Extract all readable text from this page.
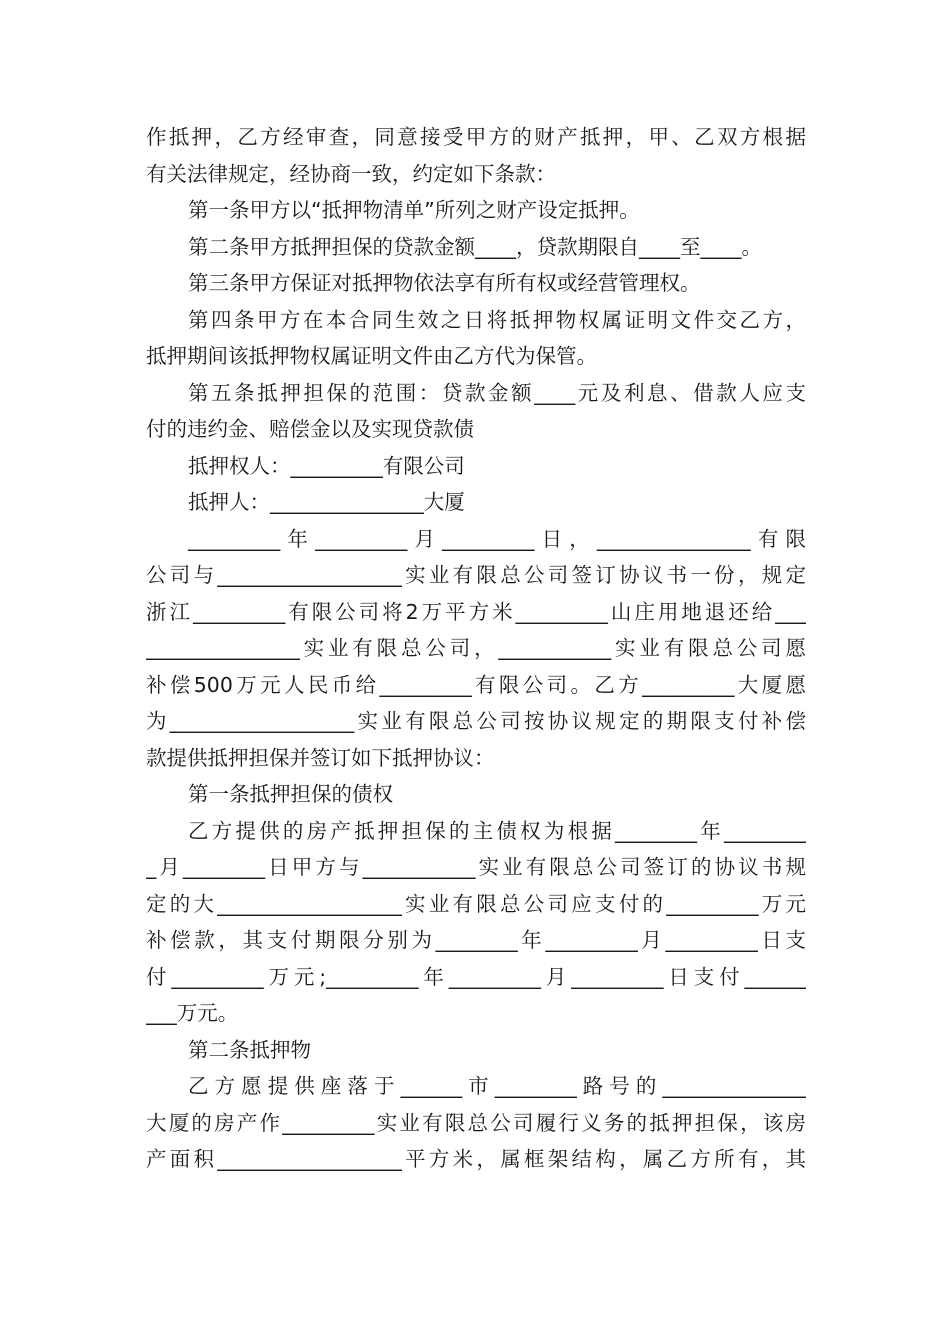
作抵押，乙方经审查，同意接受甲方的财产抵押，甲、乙双方根据
有关法律规定，经协商一致，约定如下条款：
第一条甲方以“抵押物清单”所列之财产设定抵押。
第二条甲方抵押担保的贷款金额____，贷款期限自____至____。
第三条甲方保证对抵押物依法享有所有权或经营管理权。
第四条甲方在本合同生效之日将抵押物权属证明文件交乙方，
抵押期间该抵押物权属证明文件由乙方代为保管。
第五条抵押担保的范围：贷款金额____元及利息、借款人应支
付的违约金、赔偿金以及实现贷款债
抵押权人：_________有限公司
抵押人：_______________大厦
_________年_________月_________日，_______________有限
公司与__________________实业有限总公司签订协议书一份，规定
浙江_________有限公司将2万平方米_________山庄用地退还给___
_______________实业有限总公司，___________实业有限总公司愿
补偿500万元人民币给_________有限公司。乙方_________大厦愿
为__________________实业有限总公司按协议规定的期限支付补偿
款提供抵押担保并签订如下抵押协议：
第一条抵押担保的债权
乙方提供的房产抵押担保的主债权为根据________年________
_月________日甲方与___________实业有限总公司签订的协议书规
定的大__________________实业有限总公司应支付的_________万元
补偿款，其支付期限分别为________年_________月_________日支
付_________万元;_________年_________月_________日支付______
___万元。
第二条抵押物
乙方愿提供座落于______市________路号的______________
大厦的房产作_________实业有限总公司履行义务的抵押担保，该房
产面积__________________平方米，属框架结构，属乙方所有，其
